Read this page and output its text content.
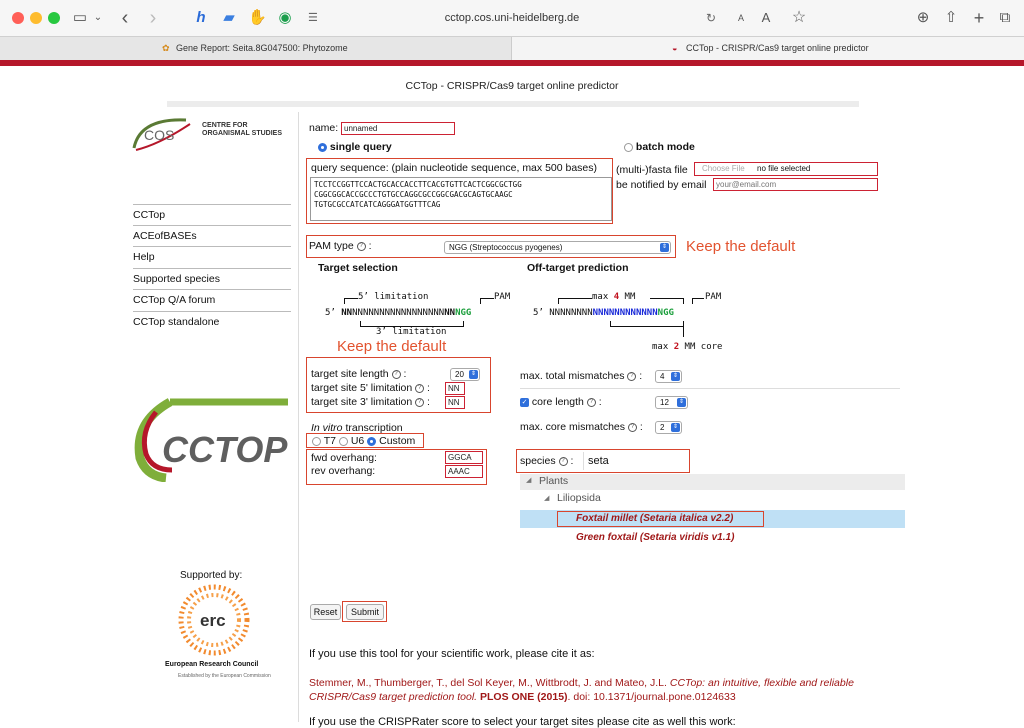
▭ ⌄ ‹ ›	h ▰ ✋ ◉ ☰	cctop.cos.uni-heidelberg.de	↻	A	A ☆	⊕ ⇧ + ⧉
✿ Gene Report: Seita.8G047500: Phytozome	◒ CCTop - CRISPR/Cas9 target online predictor
CCTop - CRISPR/Cas9 target online predictor
COS
CENTRE FOR
ORGANISMAL STUDIES
CCTop
ACEofBASEs
Help
Supported species
CCTop Q/A forum
CCTop standalone
CCTOP
Supported by:
erc
European Research Council
Established by the European Commission
name: unnamed
single query	batch mode
query sequence: (plain nucleotide sequence, max 500 bases)
TCCTCCGGTTCCACTGCACCACCTTCACGTGTTCACTCGGCGCTGG
CGGCGGCACCGCCCTGTGCCAGGCGCCGGCGACGCAGTGCAAGC
TGTGCGCCATCATCAGGGATGGTTTCAG
(multi-)fasta file Choose File no file selected
be notified by email
your@email.com
PAM type ? :	NGG (Streptococcus pyogenes)	⇕ Keep the default
Target selection	Off-target prediction
5’ limitation	PAM
5’ NNNNNNNNNNNNNNNNNNNNNNGG
3’ limitation
max 4 MM	PAM
5’ NNNNNNNNNNNNNNNNNNNNNGG
max 2 MM core
Keep the default
target site length ? :	20	⇕
target site 5' limitation ? :	NN
target site 3' limitation ? :	NN
max. total mismatches ? :	4	⇕
✓ core length ? :	12	⇕
max. core mismatches ? :	2	⇕
In vitro transcription
T7 U6 Custom
fwd overhang:	GGCA
rev overhang:	AAAC
species ? :	seta
◢ Plants
◢ Liliopsida
Foxtail millet (Setaria italica v2.2)
Green foxtail (Setaria viridis v1.1)
Reset	Submit
If you use this tool for your scientific work, please cite it as:
Stemmer, M., Thumberger, T., del Sol Keyer, M., Wittbrodt, J. and Mateo, J.L. CCTop: an intuitive, flexible and reliable CRISPR/Cas9 target prediction tool. PLOS ONE (2015). doi: 10.1371/journal.pone.0124633
If you use the CRISPRater score to select your target sites please cite as well this work:
